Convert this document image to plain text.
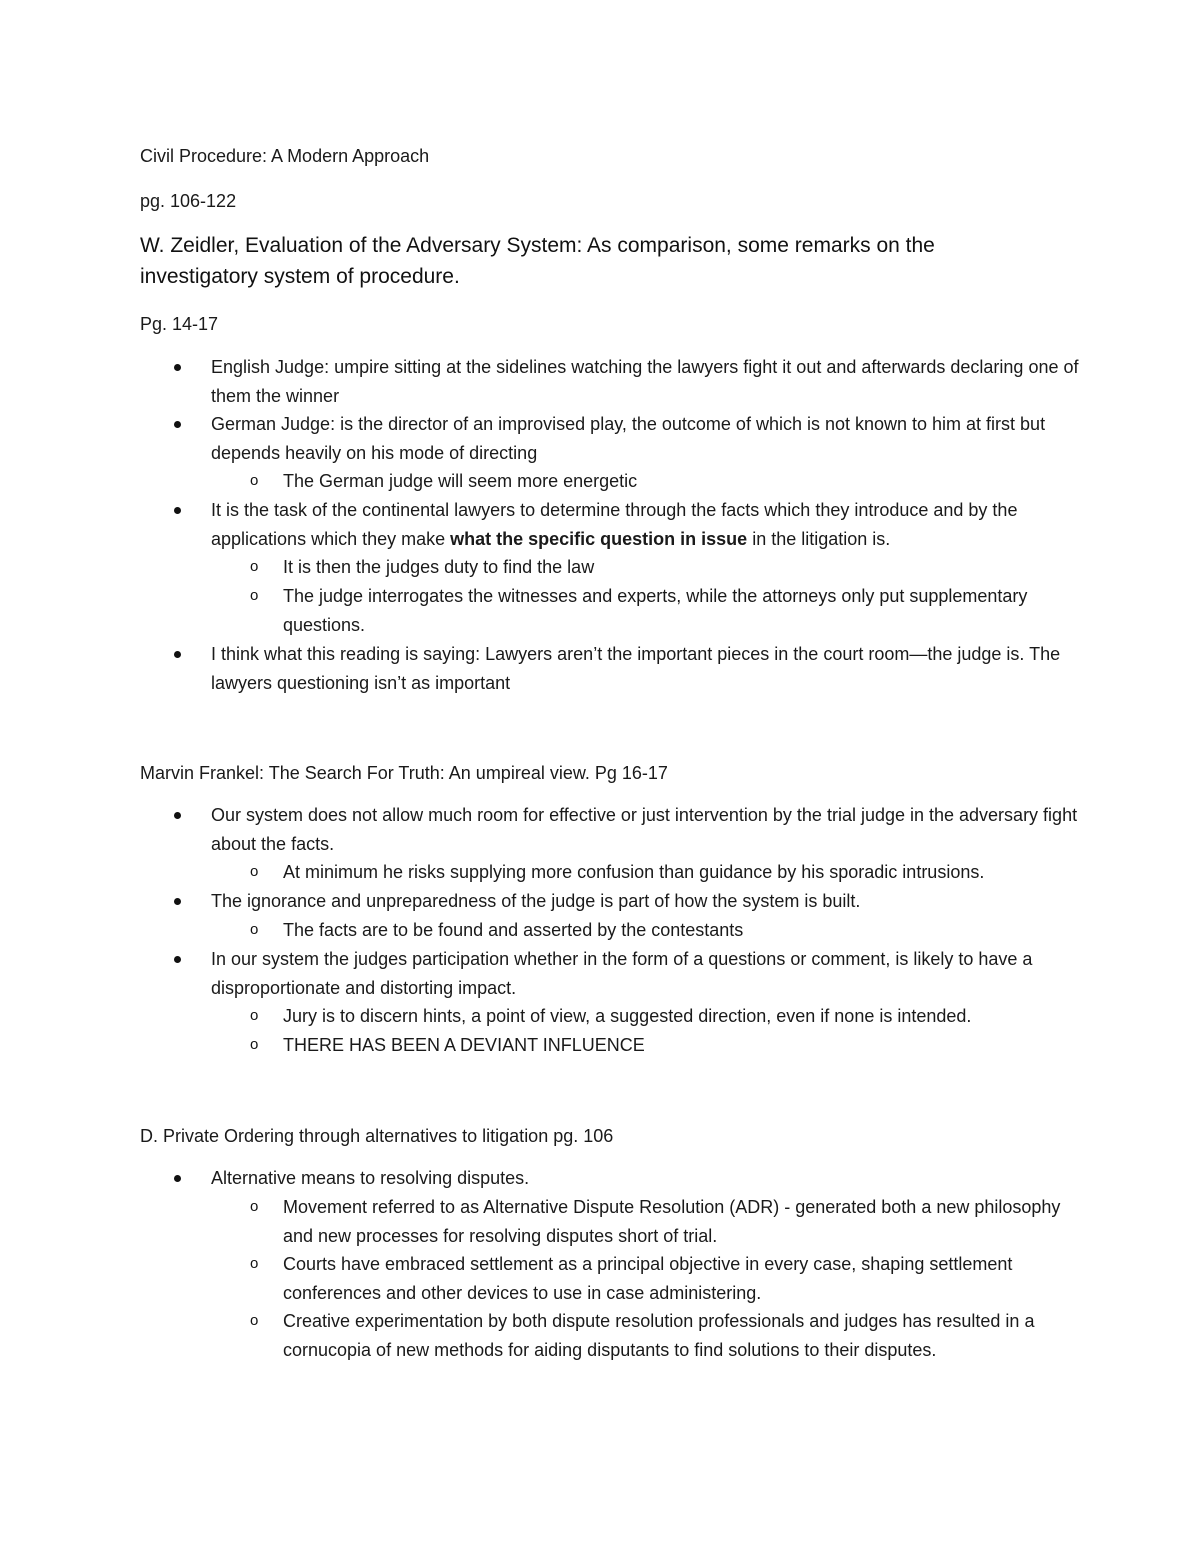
Civil Procedure: A Modern Approach
pg. 106-122
W. Zeidler, Evaluation of the Adversary System: As comparison, some remarks on the
investigatory system of procedure.
Pg. 14-17
English Judge: umpire sitting at the sidelines watching the lawyers fight it out and afterwards declaring one of them the winner
German Judge: is the director of an improvised play, the outcome of which is not known to him at first but depends heavily on his mode of directing
o The German judge will seem more energetic
It is the task of the continental lawyers to determine through the facts which they introduce and by the applications which they make what the specific question in issue in the litigation is.
o It is then the judges duty to find the law
o The judge interrogates the witnesses and experts, while the attorneys only put supplementary questions.
I think what this reading is saying: Lawyers aren’t the important pieces in the court room—the judge is. The lawyers questioning isn’t as important
Marvin Frankel: The Search For Truth: An umpireal view. Pg 16-17
Our system does not allow much room for effective or just intervention by the trial judge in the adversary fight about the facts.
o At minimum he risks supplying more confusion than guidance by his sporadic intrusions.
The ignorance and unpreparedness of the judge is part of how the system is built.
o The facts are to be found and asserted by the contestants
In our system the judges participation whether in the form of a questions or comment, is likely to have a disproportionate and distorting impact.
o Jury is to discern hints, a point of view, a suggested direction, even if none is intended.
o THERE HAS BEEN A DEVIANT INFLUENCE
D. Private Ordering through alternatives to litigation pg. 106
Alternative means to resolving disputes.
o Movement referred to as Alternative Dispute Resolution (ADR) - generated both a new philosophy and new processes for resolving disputes short of trial.
o Courts have embraced settlement as a principal objective in every case, shaping settlement conferences and other devices to use in case administering.
o Creative experimentation by both dispute resolution professionals and judges has resulted in a cornucopia of new methods for aiding disputants to find solutions to their disputes.
